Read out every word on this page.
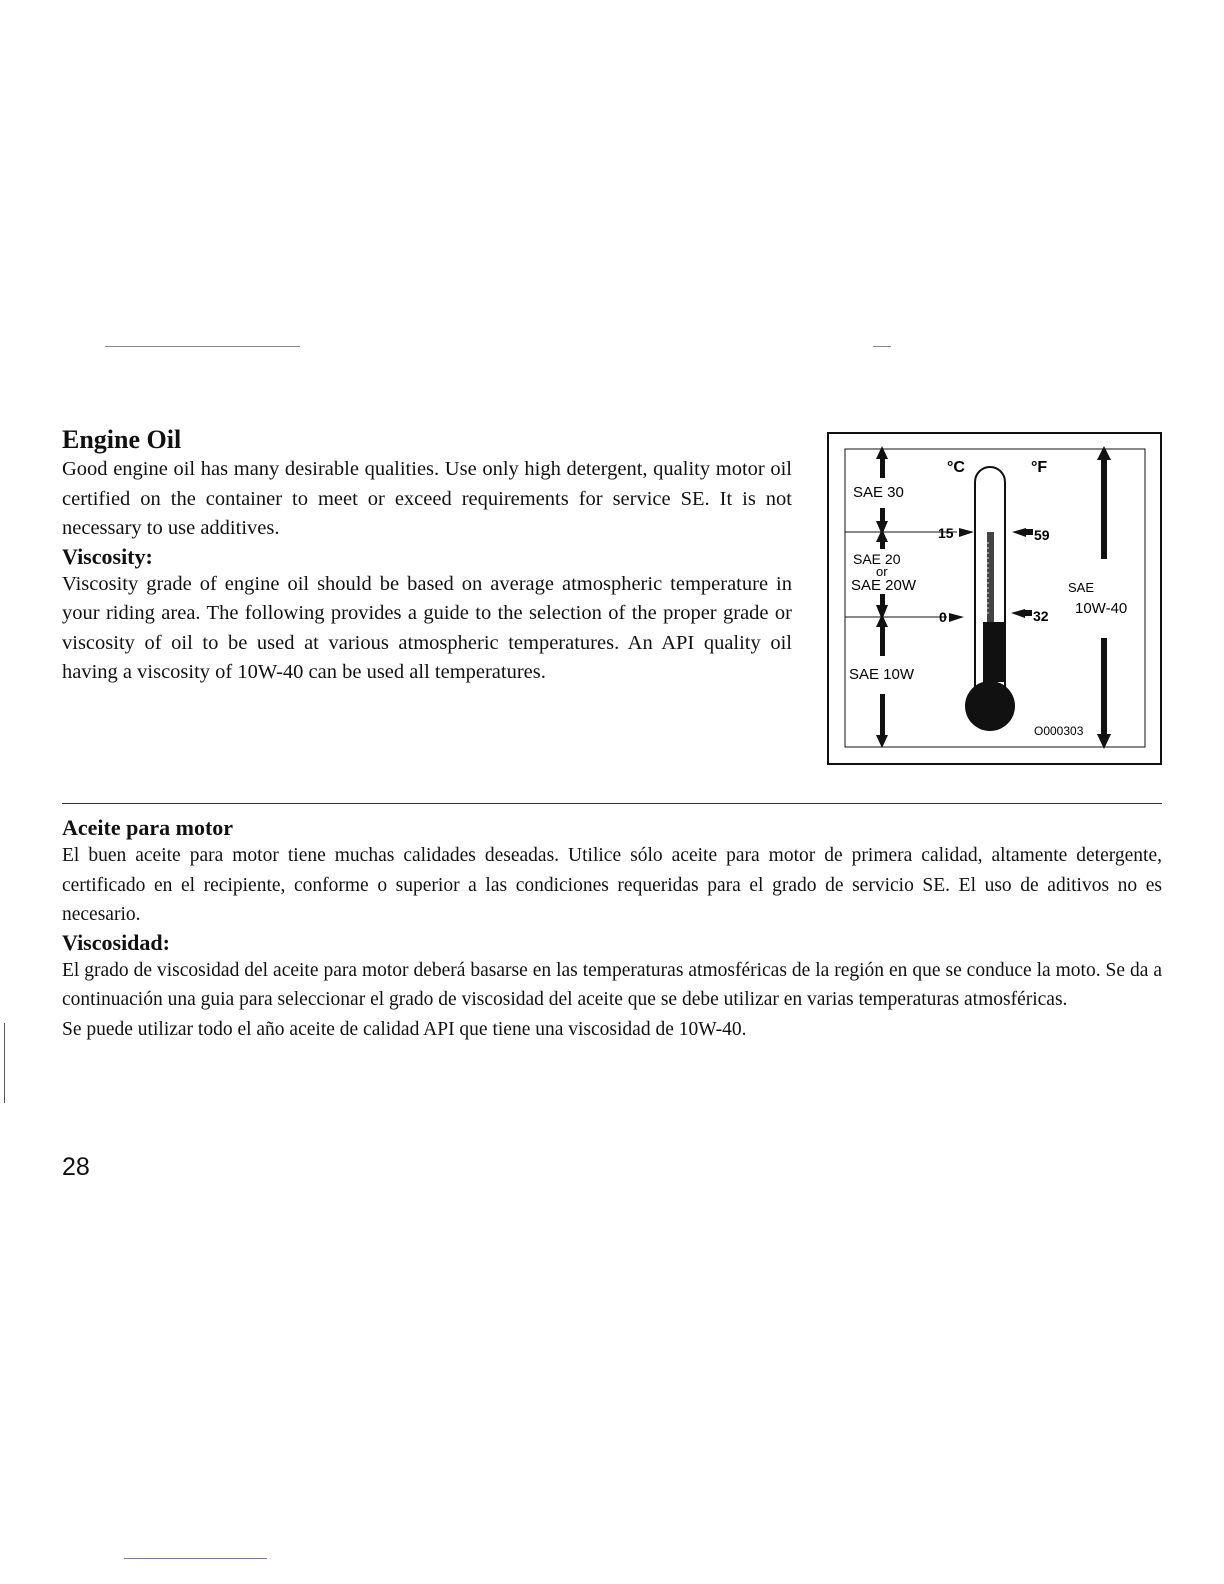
Engine Oil

Good engine oil has many desirable qualities. Use only high detergent, quality motor oil certified on the container to meet or exceed requirements for service SE. It is not necessary to use additives.

Viscosity:

Viscosity grade of engine oil should be based on average atmospheric temperature in your riding area. The following provides a guide to the selection of the proper grade or viscosity of oil to be used at various atmospheric temperatures. An API quality oil having a viscosity of 10W-40 can be used all temperatures.

°C	°F
SAE 30
SAE 20
or
SAE 20W
SAE 10W
SAE
10W-40
15
0
59
32
O000303
Aceite para motor

El buen aceite para motor tiene muchas calidades deseadas. Utilice sólo aceite para motor de primera calidad, altamente detergente, certificado en el recipiente, conforme o superior a las condiciones requeridas para el grado de servicio SE. El uso de aditivos no es necesario.

Viscosidad:

El grado de viscosidad del aceite para motor deberá basarse en las temperaturas atmosféricas de la región en que se conduce la moto. Se da a continuación una guia para seleccionar el grado de viscosidad del aceite que se debe utilizar en varias temperaturas atmosféricas.

Se puede utilizar todo el año aceite de calidad API que tiene una viscosidad de 10W-40.

28
